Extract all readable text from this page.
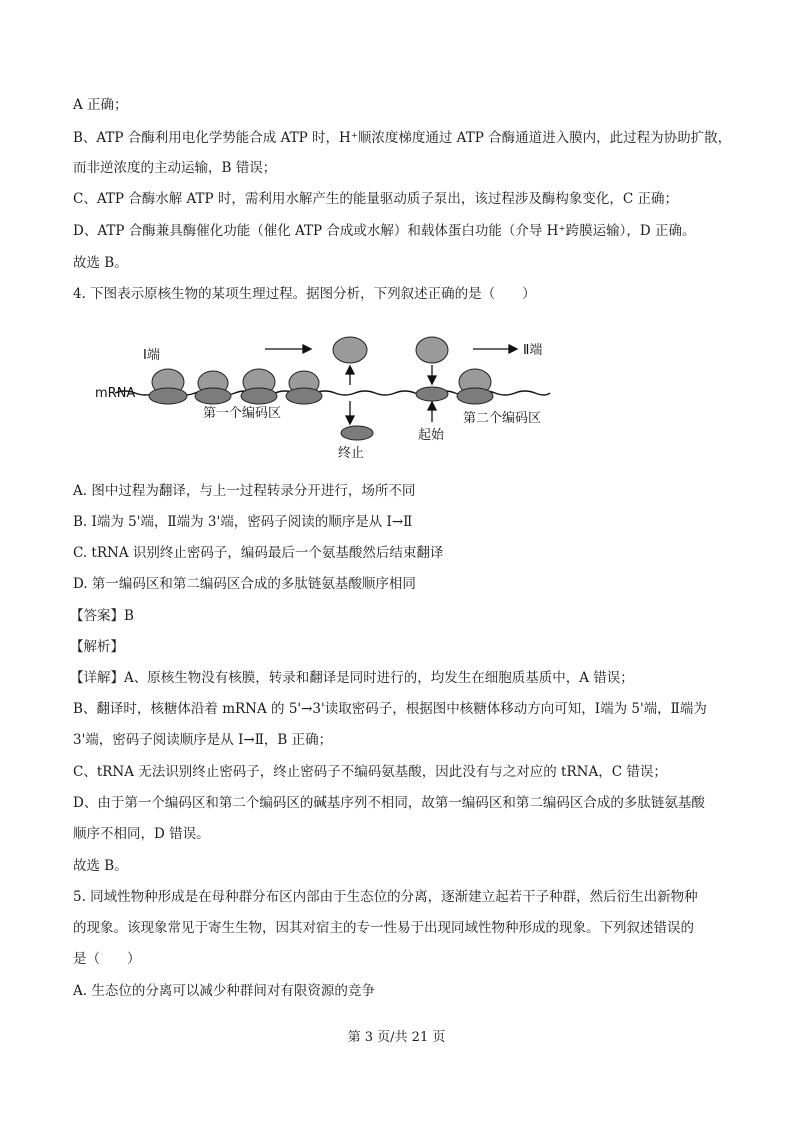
A 正确；
B、ATP 合酶利用电化学势能合成 ATP 时，H⁺顺浓度梯度通过 ATP 合酶通道进入膜内，此过程为协助扩散，
而非逆浓度的主动运输，B 错误；
C、ATP 合酶水解 ATP 时，需利用水解产生的能量驱动质子泵出，该过程涉及酶构象变化，C 正确；
D、ATP 合酶兼具酶催化功能（催化 ATP 合成或水解）和载体蛋白功能（介导 H⁺跨膜运输），D 正确。
故选 B。
4. 下图表示原核生物的某项生理过程。据图分析，下列叙述正确的是（　　）
Ⅱ端
Ⅰ端
mRNA
终止
起始
第一个编码区	第二个编码区
A. 图中过程为翻译，与上一过程转录分开进行，场所不同
B. Ⅰ端为 5'端，Ⅱ端为 3'端，密码子阅读的顺序是从 Ⅰ→Ⅱ
C. tRNA 识别终止密码子，编码最后一个氨基酸然后结束翻译
D. 第一编码区和第二编码区合成的多肽链氨基酸顺序相同
【答案】B
【解析】
【详解】A、原核生物没有核膜，转录和翻译是同时进行的，均发生在细胞质基质中，A 错误；
B、翻译时，核糖体沿着 mRNA 的 5'→3'读取密码子，根据图中核糖体移动方向可知，Ⅰ端为 5'端，Ⅱ端为
3'端，密码子阅读顺序是从 Ⅰ→Ⅱ，B 正确；
C、tRNA 无法识别终止密码子，终止密码子不编码氨基酸，因此没有与之对应的 tRNA，C 错误；
D、由于第一个编码区和第二个编码区的碱基序列不相同，故第一编码区和第二编码区合成的多肽链氨基酸
顺序不相同，D 错误。
故选 B。
5. 同域性物种形成是在母种群分布区内部由于生态位的分离，逐渐建立起若干子种群，然后衍生出新物种
的现象。该现象常见于寄生生物，因其对宿主的专一性易于出现同域性物种形成的现象。下列叙述错误的
是（　　）
A. 生态位的分离可以减少种群间对有限资源的竞争
第 3 页/共 21 页
